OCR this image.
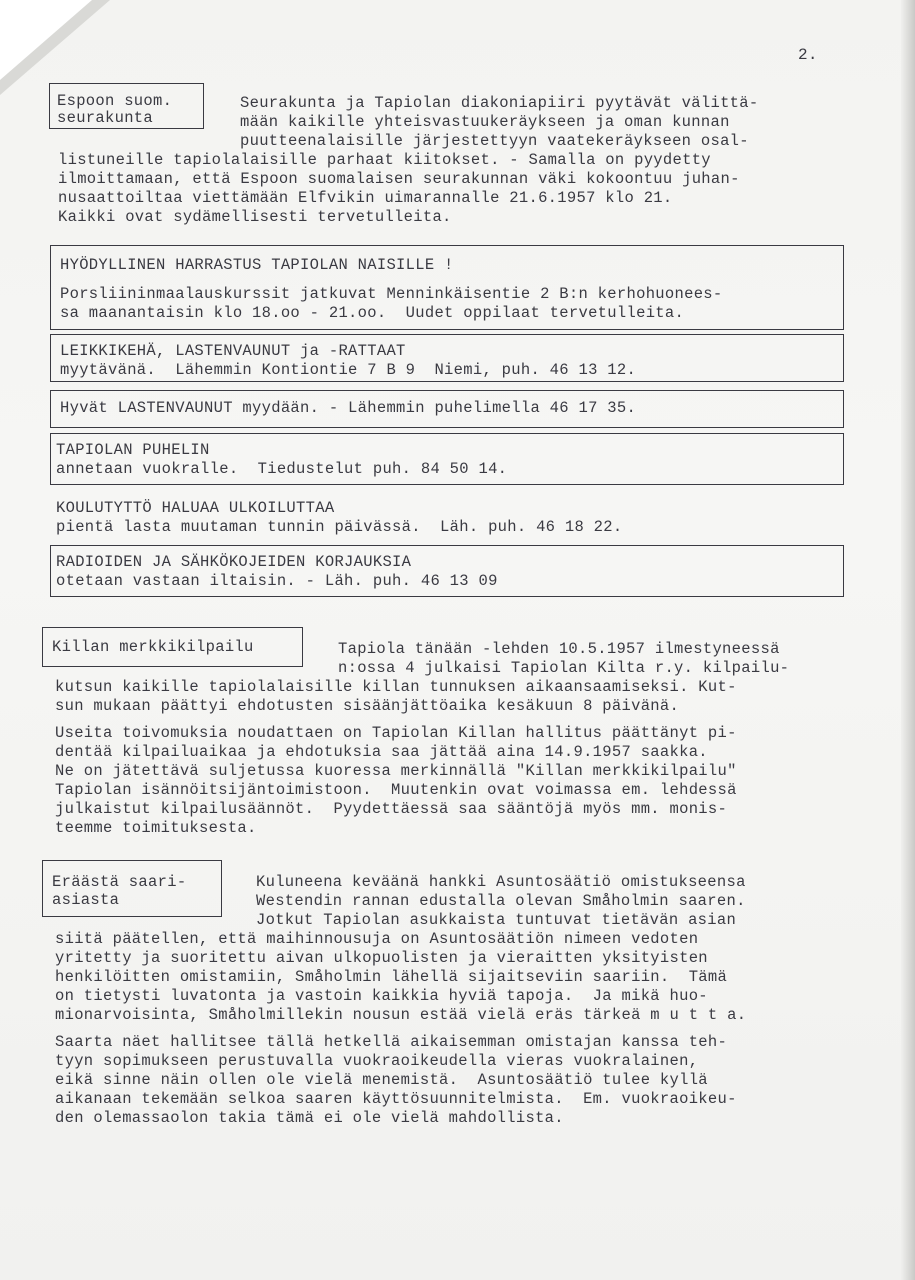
2.
Espoon suom.
seurakunta
Seurakunta ja Tapiolan diakoniapiiri pyytävät välittä-
mään kaikille yhteisvastuukeräykseen ja oman kunnan
puutteenalaisille järjestettyyn vaatekeräykseen osal-
listuneille tapiolalaisille parhaat kiitokset. - Samalla on pyydetty
ilmoittamaan, että Espoon suomalaisen seurakunnan väki kokoontuu juhan-
nusaattoiltaa viettämään Elfvikin uimarannalle 21.6.1957 klo 21.
Kaikki ovat sydämellisesti tervetulleita.
HYÖDYLLINEN HARRASTUS TAPIOLAN NAISILLE !
Porsliininmaalauskurssit jatkuvat Menninkäisentie 2 B:n kerhohuonees-
sa maanantaisin klo 18.oo - 21.oo.  Uudet oppilaat tervetulleita.
LEIKKIKEHÄ, LASTENVAUNUT ja -RATTAAT
myytävänä.  Lähemmin Kontiontie 7 B 9  Niemi, puh. 46 13 12.
Hyvät LASTENVAUNUT myydään. - Lähemmin puhelimella 46 17 35.
TAPIOLAN PUHELIN
annetaan vuokralle.  Tiedustelut puh. 84 50 14.
KOULUTYTTÖ HALUAA ULKOILUTTAA
pientä lasta muutaman tunnin päivässä.  Läh. puh. 46 18 22.
RADIOIDEN JA SÄHKÖKOJEIDEN KORJAUKSIA
otetaan vastaan iltaisin. - Läh. puh. 46 13 09
Killan merkkikilpailu	Tapiola tänään -lehden 10.5.1957 ilmestyneessä
n:ossa 4 julkaisi Tapiolan Kilta r.y. kilpailu-
kutsun kaikille tapiolalaisille killan tunnuksen aikaansaamiseksi. Kut-
sun mukaan päättyi ehdotusten sisäänjättöaika kesäkuun 8 päivänä.
Useita toivomuksia noudattaen on Tapiolan Killan hallitus päättänyt pi-
dentää kilpailuaikaa ja ehdotuksia saa jättää aina 14.9.1957 saakka.
Ne on jätettävä suljetussa kuoressa merkinnällä "Killan merkkikilpailu"
Tapiolan isännöitsijäntoimistoon.  Muutenkin ovat voimassa em. lehdessä
julkaistut kilpailusäännöt.  Pyydettäessä saa sääntöjä myös mm. monis-
teemme toimituksesta.
Eräästä saari-
asiasta
Kuluneena keväänä hankki Asuntosäätiö omistukseensa
Westendin rannan edustalla olevan Småholmin saaren.
Jotkut Tapiolan asukkaista tuntuvat tietävän asian
siitä päätellen, että maihinnousuja on Asuntosäätiön nimeen vedoten
yritetty ja suoritettu aivan ulkopuolisten ja vieraitten yksityisten
henkilöitten omistamiin, Småholmin lähellä sijaitseviin saariin.  Tämä
on tietysti luvatonta ja vastoin kaikkia hyviä tapoja.  Ja mikä huo-
mionarvoisinta, Småholmillekin nousun estää vielä eräs tärkeä m u t t a.
Saarta näet hallitsee tällä hetkellä aikaisemman omistajan kanssa teh-
tyyn sopimukseen perustuvalla vuokraoikeudella vieras vuokralainen,
eikä sinne näin ollen ole vielä menemistä.  Asuntosäätiö tulee kyllä
aikanaan tekemään selkoa saaren käyttösuunnitelmista.  Em. vuokraoikeu-
den olemassaolon takia tämä ei ole vielä mahdollista.
